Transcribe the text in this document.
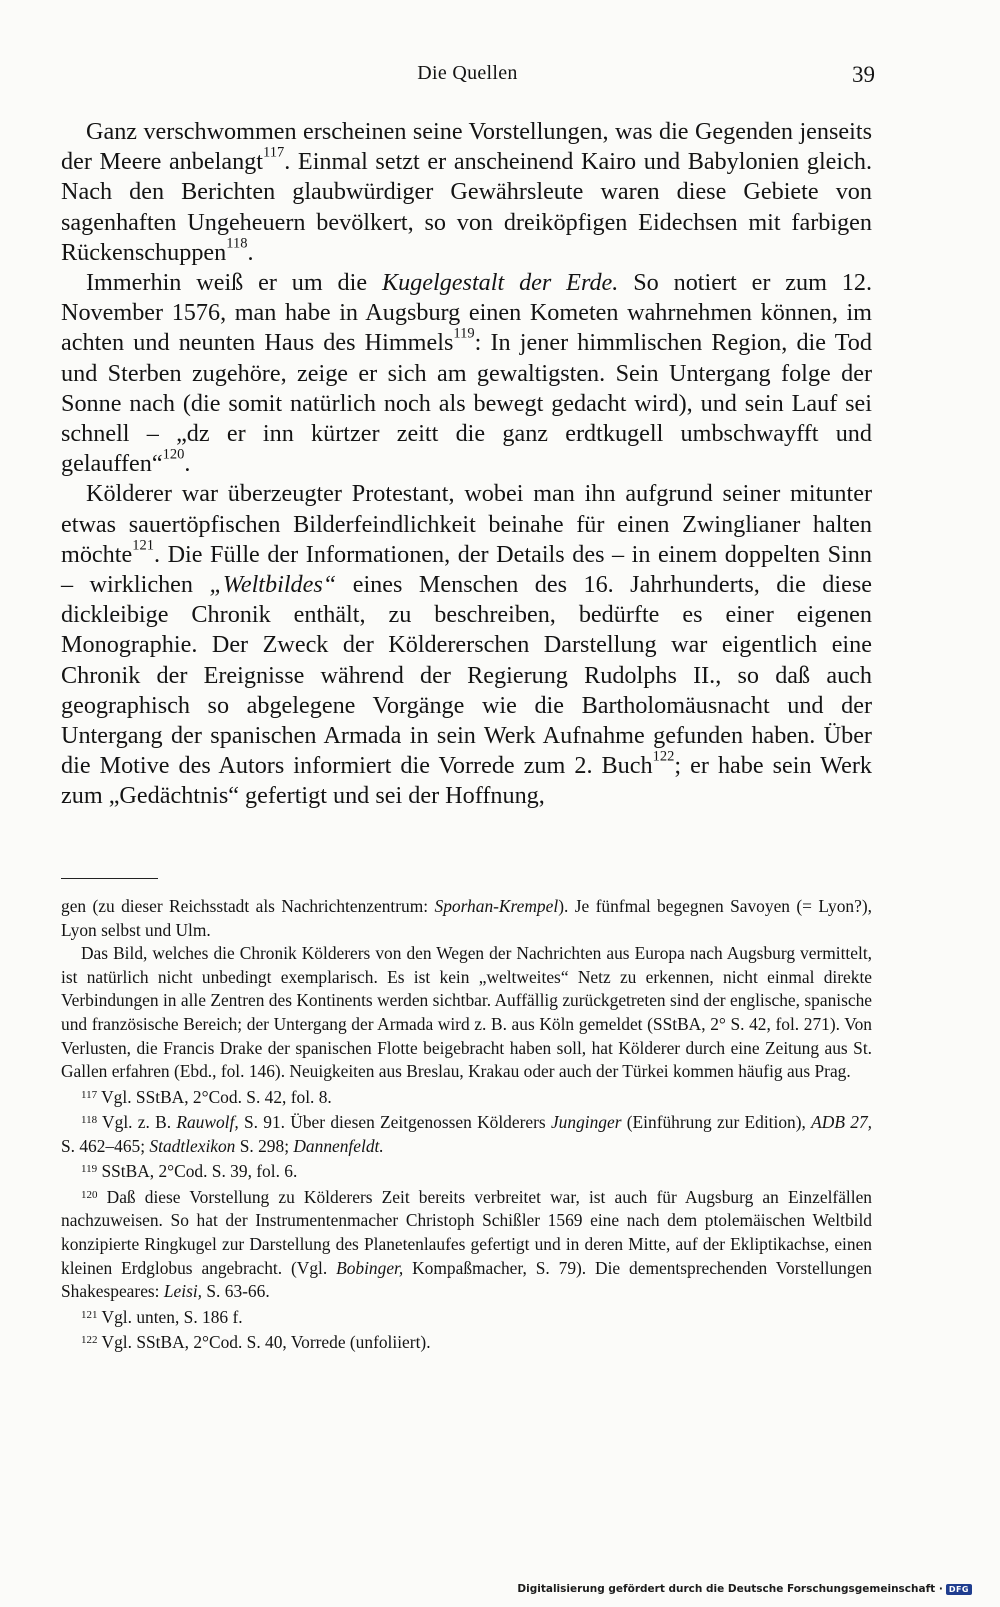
Die Quellen	39

Ganz verschwommen erscheinen seine Vorstellungen, was die Gegenden jenseits der Meere anbelangt$^{117}$. Einmal setzt er anscheinend Kairo und Babylonien gleich. Nach den Berichten glaubwürdiger Gewährsleute waren diese Gebiete von sagenhaften Ungeheuern bevölkert, so von dreiköpfigen Eidechsen mit farbigen Rückenschuppen$^{118}$.

Immerhin weiß er um die Kugelgestalt der Erde. So notiert er zum 12. November 1576, man habe in Augsburg einen Kometen wahrnehmen können, im achten und neunten Haus des Himmels$^{119}$: In jener himmlischen Region, die Tod und Sterben zugehöre, zeige er sich am gewaltigsten. Sein Untergang folge der Sonne nach (die somit natürlich noch als bewegt gedacht wird), und sein Lauf sei schnell – „dz er inn kürtzer zeitt die ganz erdtkugell umbschwayfft und gelauffen“$^{120}$.

Kölderer war überzeugter Protestant, wobei man ihn aufgrund seiner mitunter etwas sauertöpfischen Bilderfeindlichkeit beinahe für einen Zwinglianer halten möchte$^{121}$. Die Fülle der Informationen, der Details des – in einem doppelten Sinn – wirklichen „Weltbildes“ eines Menschen des 16. Jahrhunderts, die diese dickleibige Chronik enthält, zu beschreiben, bedürfte es einer eigenen Monographie. Der Zweck der Köldererschen Darstellung war eigentlich eine Chronik der Ereignisse während der Regierung Rudolphs II., so daß auch geographisch so abgelegene Vorgänge wie die Bartholomäusnacht und der Untergang der spanischen Armada in sein Werk Aufnahme gefunden haben. Über die Motive des Autors informiert die Vorrede zum 2. Buch$^{122}$; er habe sein Werk zum „Gedächtnis“ gefertigt und sei der Hoffnung,

gen (zu dieser Reichsstadt als Nachrichtenzentrum: Sporhan-Krempel). Je fünfmal begegnen Savoyen (= Lyon?), Lyon selbst und Ulm.

Das Bild, welches die Chronik Kölderers von den Wegen der Nachrichten aus Europa nach Augsburg vermittelt, ist natürlich nicht unbedingt exemplarisch. Es ist kein „weltweites“ Netz zu erkennen, nicht einmal direkte Verbindungen in alle Zentren des Kontinents werden sichtbar. Auffällig zurückgetreten sind der englische, spanische und französische Bereich; der Untergang der Armada wird z. B. aus Köln gemeldet (SStBA, 2° S. 42, fol. 271). Von Verlusten, die Francis Drake der spanischen Flotte beigebracht haben soll, hat Kölderer durch eine Zeitung aus St. Gallen erfahren (Ebd., fol. 146). Neuigkeiten aus Breslau, Krakau oder auch der Türkei kommen häufig aus Prag.

$^{117}$ Vgl. SStBA, 2°Cod. S. 42, fol. 8.

$^{118}$ Vgl. z. B. Rauwolf, S. 91. Über diesen Zeitgenossen Kölderers Junginger (Einführung zur Edition), ADB 27, S. 462–465; Stadtlexikon S. 298; Dannenfeldt.

$^{119}$ SStBA, 2°Cod. S. 39, fol. 6.

$^{120}$ Daß diese Vorstellung zu Kölderers Zeit bereits verbreitet war, ist auch für Augsburg an Einzelfällen nachzuweisen. So hat der Instrumentenmacher Christoph Schißler 1569 eine nach dem ptolemäischen Weltbild konzipierte Ringkugel zur Darstellung des Planetenlaufes gefertigt und in deren Mitte, auf der Ekliptikachse, einen kleinen Erdglobus angebracht. (Vgl. Bobinger, Kompaßmacher, S. 79). Die dementsprechenden Vorstellungen Shakespeares: Leisi, S. 63-66.

$^{121}$ Vgl. unten, S. 186 f.

$^{122}$ Vgl. SStBA, 2°Cod. S. 40, Vorrede (unfoliiert).

Digitalisierung gefördert durch die Deutsche Forschungsgemeinschaft · DFG
